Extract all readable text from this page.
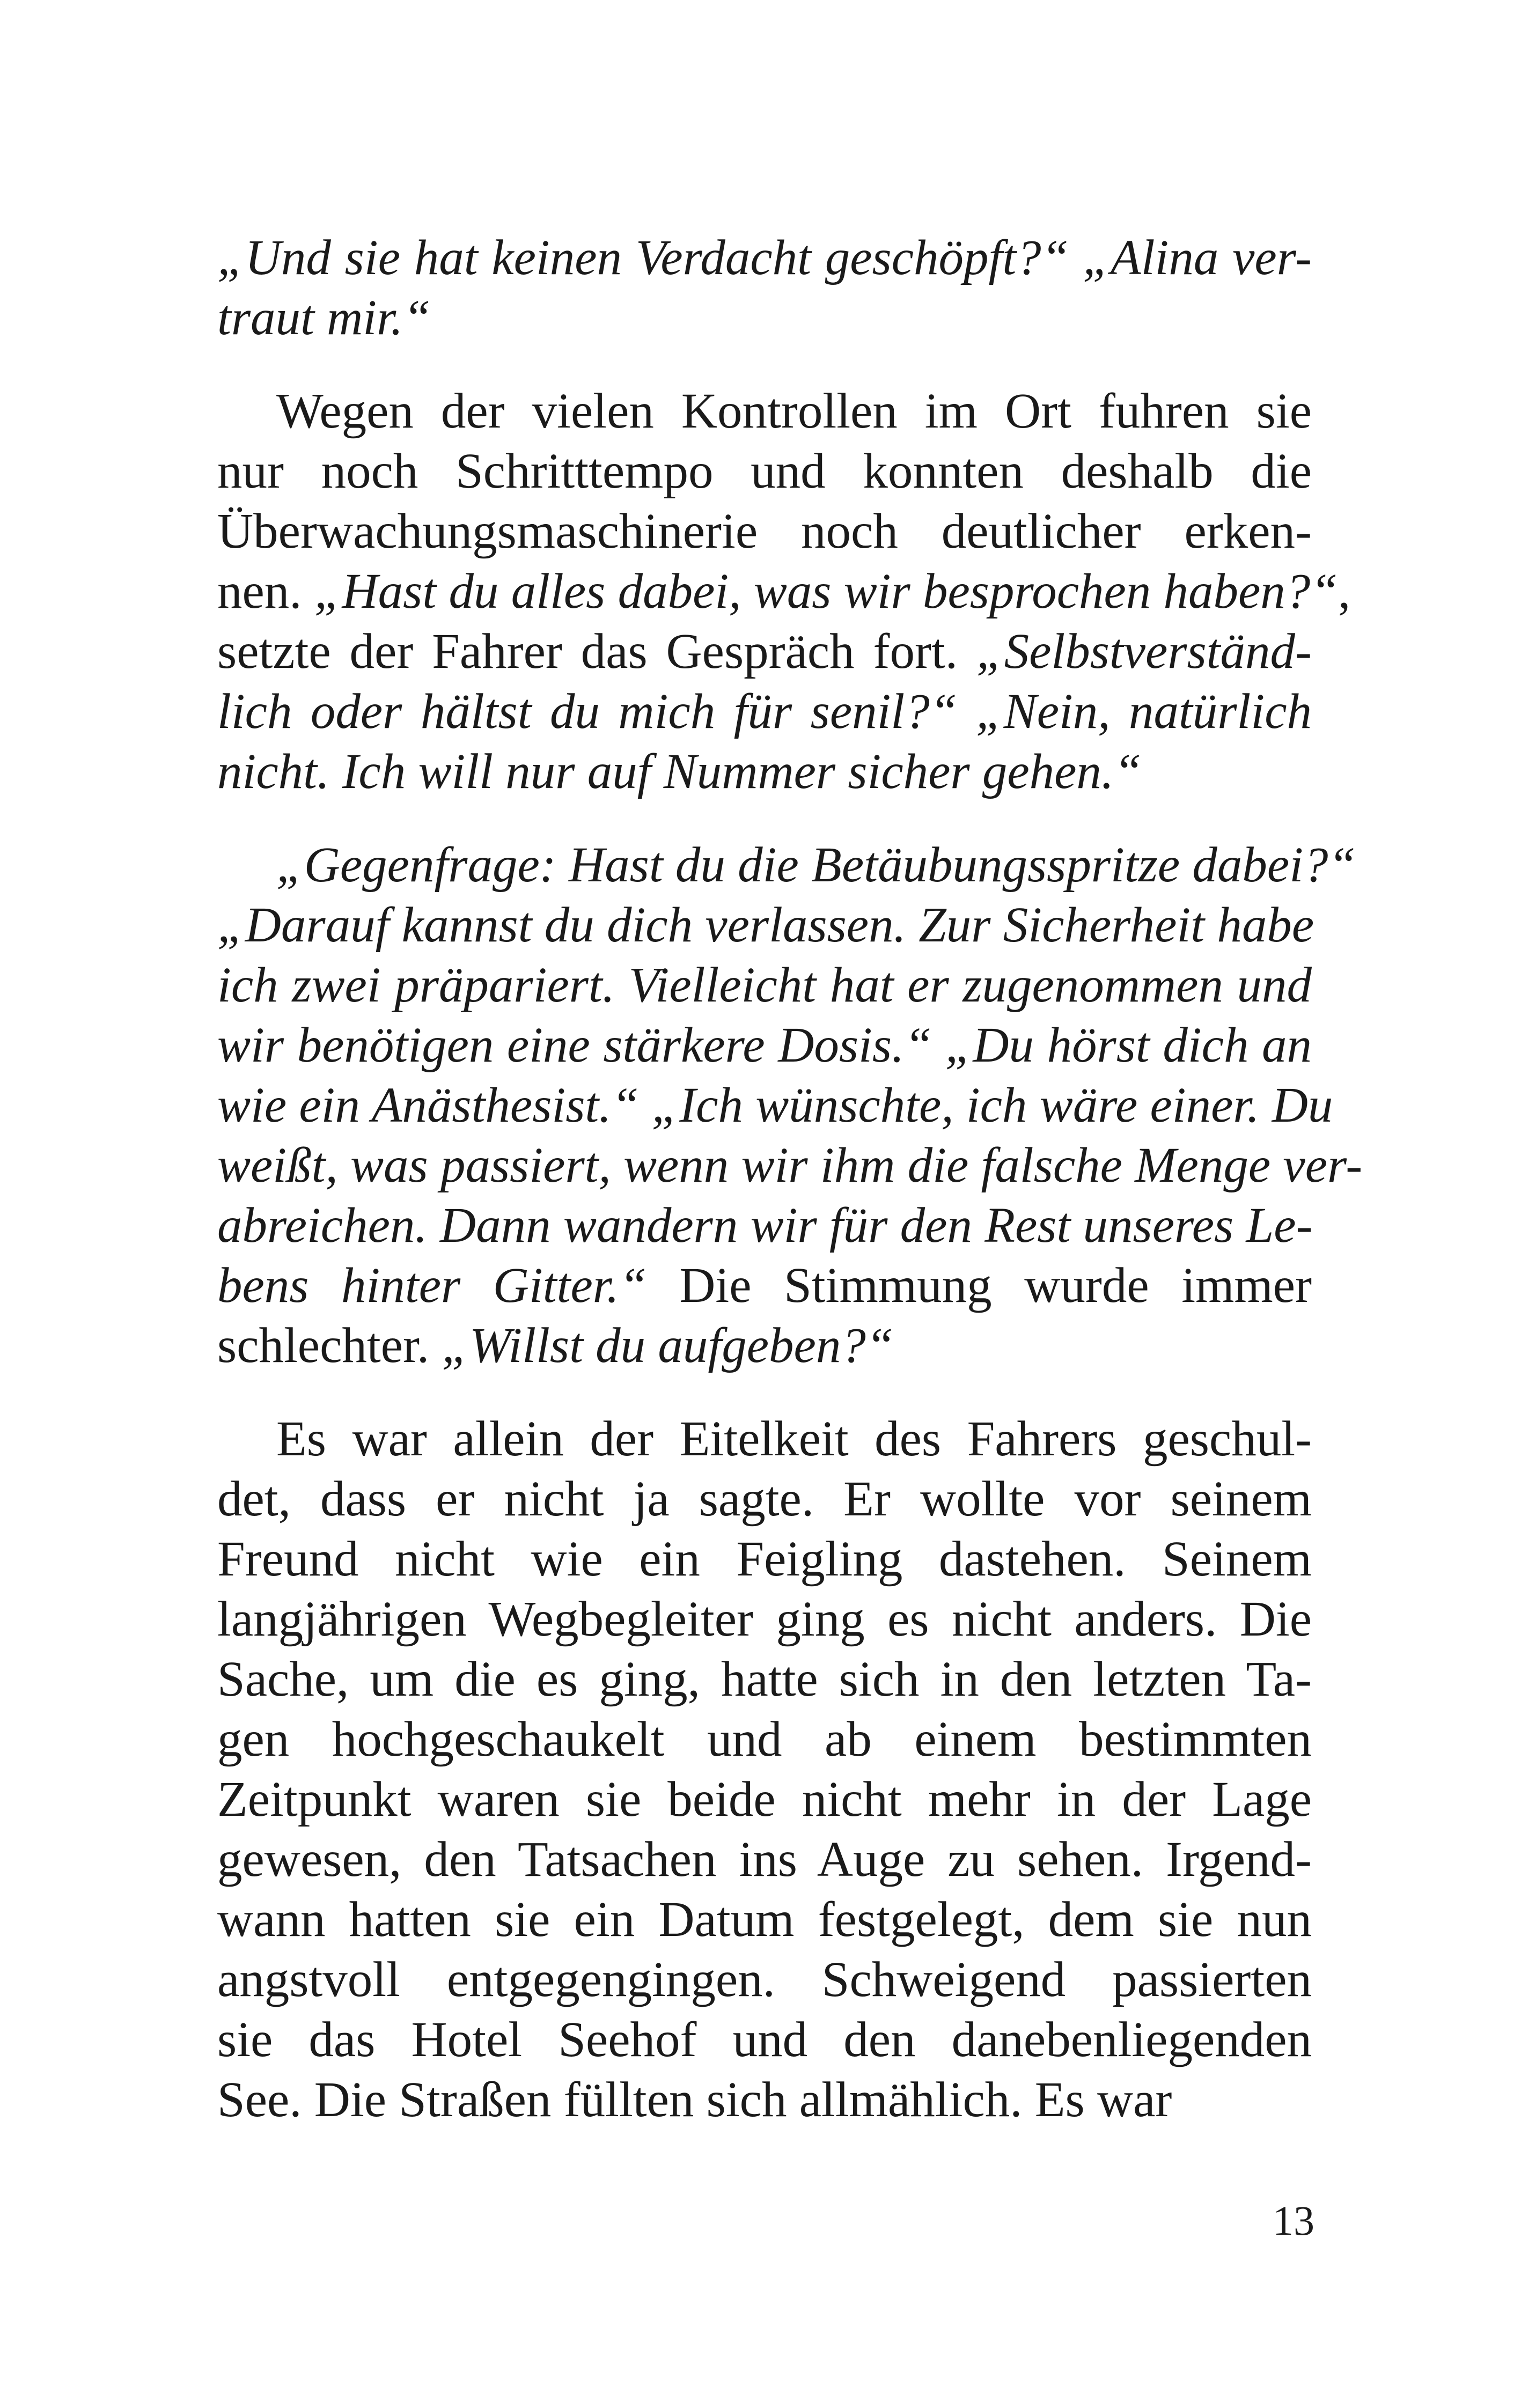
„Und sie hat keinen Verdacht geschöpft?“ „Alina ver-
traut mir.“
Wegen der vielen Kontrollen im Ort fuhren sie
nur noch Schritttempo und konnten deshalb die
Überwachungsmaschinerie noch deutlicher erken-
nen. „Hast du alles dabei, was wir besprochen haben?“,
setzte der Fahrer das Gespräch fort. „Selbstverständ-
lich oder hältst du mich für senil?“ „Nein, natürlich
nicht. Ich will nur auf Nummer sicher gehen.“
„Gegenfrage: Hast du die Betäubungsspritze dabei?“
„Darauf kannst du dich verlassen. Zur Sicherheit habe
ich zwei präpariert. Vielleicht hat er zugenommen und
wir benötigen eine stärkere Dosis.“ „Du hörst dich an
wie ein Anästhesist.“ „Ich wünschte, ich wäre einer. Du
weißt, was passiert, wenn wir ihm die falsche Menge ver-
abreichen. Dann wandern wir für den Rest unseres Le-
bens hinter Gitter.“ Die Stimmung wurde immer
schlechter. „Willst du aufgeben?“
Es war allein der Eitelkeit des Fahrers geschul-
det, dass er nicht ja sagte. Er wollte vor seinem
Freund nicht wie ein Feigling dastehen. Seinem
langjährigen Wegbegleiter ging es nicht anders. Die
Sache, um die es ging, hatte sich in den letzten Ta-
gen hochgeschaukelt und ab einem bestimmten
Zeitpunkt waren sie beide nicht mehr in der Lage
gewesen, den Tatsachen ins Auge zu sehen. Irgend-
wann hatten sie ein Datum festgelegt, dem sie nun
angstvoll entgegengingen. Schweigend passierten
sie das Hotel Seehof und den danebenliegenden
See. Die Straßen füllten sich allmählich. Es war
13
